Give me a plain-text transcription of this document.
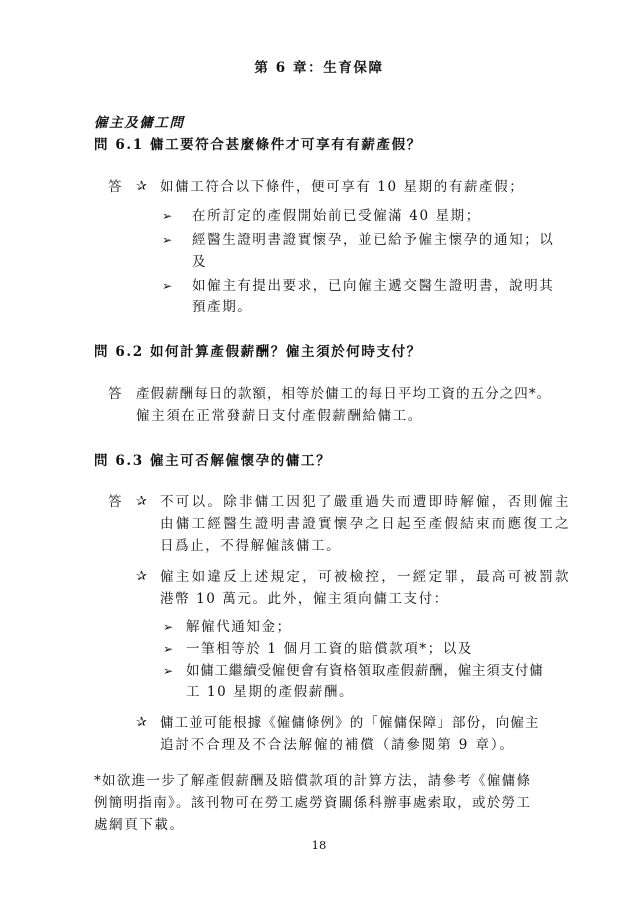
第 6 章：生育保障
僱主及傭工問
問 6.1 傭工要符合甚麼條件才可享有有薪產假？
答 ✰ 如傭工符合以下條件，便可享有 10 星期的有薪產假；
➢ 在所訂定的產假開始前已受僱滿 40 星期；
➢ 經醫生證明書證實懷孕，並已給予僱主懷孕的通知；以
及
➢ 如僱主有提出要求，已向僱主遞交醫生證明書，說明其
預產期。
問 6.2 如何計算產假薪酬？僱主須於何時支付？
答 產假薪酬每日的款額，相等於傭工的每日平均工資的五分之四*。
僱主須在正常發薪日支付產假薪酬給傭工。
問 6.3 僱主可否解僱懷孕的傭工？
答 ✰ 不可以。除非傭工因犯了嚴重過失而遭即時解僱，否則僱主
由傭工經醫生證明書證實懷孕之日起至產假結束而應復工之
日爲止，不得解僱該傭工。
✰ 僱主如違反上述規定，可被檢控，一經定罪，最高可被罰款
港幣 10 萬元。此外，僱主須向傭工支付：
➢ 解僱代通知金；
➢ 一筆相等於 1 個月工資的賠償款項*；以及
➢ 如傭工繼續受僱便會有資格領取產假薪酬，僱主須支付傭
工 10 星期的產假薪酬。
✰ 傭工並可能根據《僱傭條例》的「僱傭保障」部份，向僱主
追討不合理及不合法解僱的補償（請參閱第 9 章）。
*如欲進一步了解產假薪酬及賠償款項的計算方法，請參考《僱傭條
例簡明指南》。該刊物可在勞工處勞資關係科辦事處索取，或於勞工
處網頁下載。
18
